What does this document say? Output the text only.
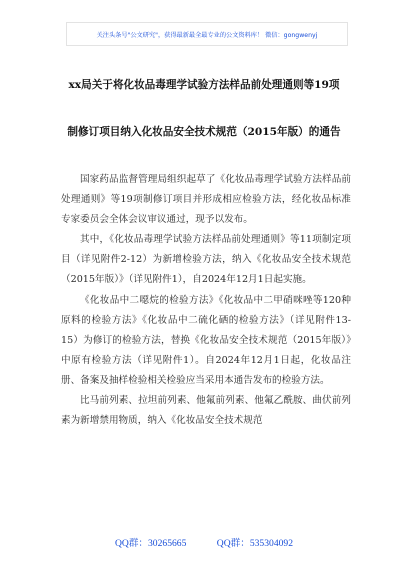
关注头条号"公文研究"，获得最新最全最专业的公文资料库！ 微信：gongwenyj
xx局关于将化妆品毒理学试验方法样品前处理通则等19项
制修订项目纳入化妆品安全技术规范（2015年版）的通告

国家药品监督管理局组织起草了《化妆品毒理学试验方法样品前处理通则》等19项制修订项目并形成相应检验方法，经化妆品标准专家委员会全体会议审议通过，现予以发布。

其中，《化妆品毒理学试验方法样品前处理通则》等11项制定项目（详见附件2-12）为新增检验方法，纳入《化妆品安全技术规范（2015年版）》（详见附件1），自2024年12月1日起实施。

《化妆品中二噁烷的检验方法》《化妆品中二甲硝咪唑等120种原料的检验方法》《化妆品中二硫化硒的检验方法》（详见附件13-15）为修订的检验方法，替换《化妆品安全技术规范（2015年版）》中原有检验方法（详见附件1）。自2024年12月1日起，化妆品注册、备案及抽样检验相关检验应当采用本通告发布的检验方法。

比马前列素、拉坦前列素、他氟前列素、他氟乙酰胺、曲伏前列素为新增禁用物质，纳入《化妆品安全技术规范

QQ群：30265665	QQ群：535304092
